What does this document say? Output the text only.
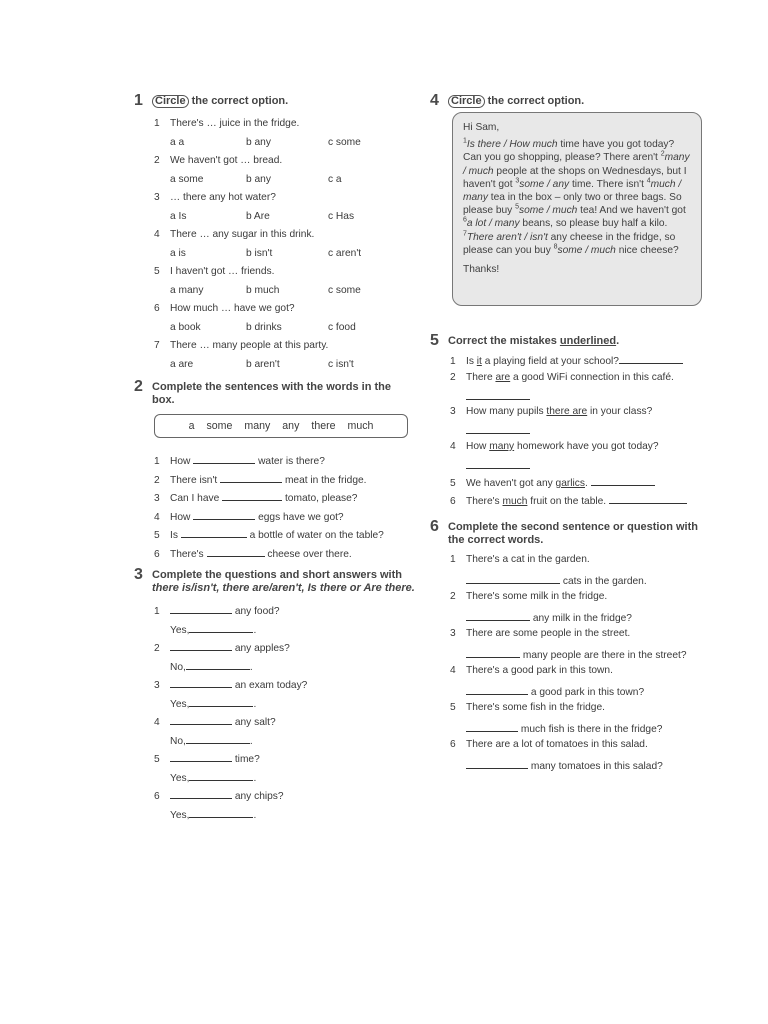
1	Circle the correct option.
1 There's … juice in the fridge.
a a	b any	c some
2 We haven't got … bread.
a some	b any	c a
3 … there any hot water?
a Is	b Are	c Has
4 There … any sugar in this drink.
a is	b isn't	c aren't
5 I haven't got … friends.
a many	b much	c some
6 How much … have we got?
a book	b drinks	c food
7 There … many people at this party.
a are	b aren't	c isn't
2 Complete the sentences with the words in the box.
a some many any there much
1 How	water is there?
2 There isn't	meat in the fridge.
3 Can I have	tomato, please?
4 How	eggs have we got?
5 Is	a bottle of water on the table?
6 There's	cheese over there.
3 Complete the questions and short answers with
there is/isn't, there are/aren't, Is there or Are there.
1	any food?
Yes,	.
2	any apples?
No,	.
3	an exam today?
Yes,	.
4	any salt?
No,	.
5	time?
Yes,	.
6	any chips?
Yes,	.
4	Circle the correct option.

Hi Sam,

$^1$Is there / How much time have you got today? Can you go shopping, please? There aren't $^2$many / much people at the shops on Wednesdays, but I haven't got $^3$some / any time. There isn't $^4$much / many tea in the box – only two or three bags. So please buy $^5$some / much tea! And we haven't got $^6$a lot / many beans, so please buy half a kilo. $^7$There aren't / isn't any cheese in the fridge, so please can you buy $^8$some / much nice cheese?

Thanks!

5 Correct the mistakes underlined.
1 Is it a playing field at your school?
2 There are a good WiFi connection in this café.
3 How many pupils there are in your class?
4 How many homework have you got today?
5 We haven't got any garlics.
6 There's much fruit on the table.
6 Complete the second sentence or question with the correct words.
1 There's a cat in the garden.
cats in the garden.
2 There's some milk in the fridge.
any milk in the fridge?
3 There are some people in the street.
many people are there in the street?
4 There's a good park in this town.
a good park in this town?
5 There's some fish in the fridge.
much fish is there in the fridge?
6 There are a lot of tomatoes in this salad.
many tomatoes in this salad?
